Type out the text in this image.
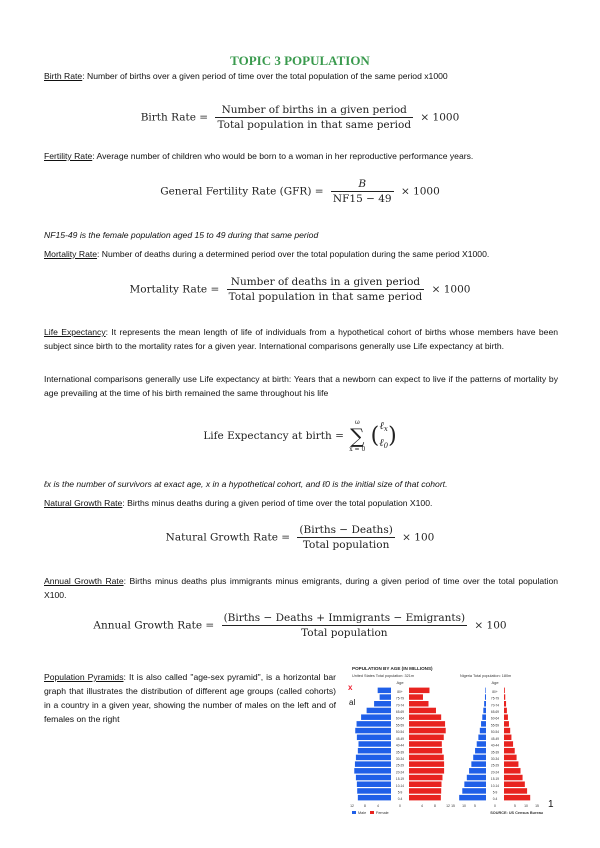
TOPIC 3 POPULATION

Birth Rate: Number of births over a given period of time over the total population of the same period x1000

Birth Rate = $\frac{\text{Number of births in a given period}}{\text{Total population in that same period}} \times 1000$

Fertility Rate: Average number of children who would be born to a woman in her reproductive performance years.

General Fertility Rate $(GFR) = \frac{B}{NF15 - 49} \times 1000$

NF15-49 is the female population aged 15 to 49 during that same period

Mortality Rate: Number of deaths during a determined period over the total population during the same period X1000.

Mortality Rate = $\frac{\text{Number of deaths in a given period}}{\text{Total population in that same period}} \times 1000$

Life Expectancy: It represents the mean length of life of individuals from a hypothetical cohort of births whose members have been subject since birth to the mortality rates for a given year. International comparisons generally use Life expectancy at birth.

International comparisons generally use Life expectancy at birth: Years that a newborn can expect to live if the patterns of mortality by age prevailing at the time of his birth remained the same throughout his life

Life Expectancy at birth =
ω
∑
x = 0
( ℓ$_x$
ℓ$_0$ )

ℓx is the number of survivors at exact age, x in a hypothetical cohort, and ℓ0 is the initial size of that cohort.

Natural Growth Rate: Births minus deaths during a given period of time over the total population X100.

Natural Growth Rate = $\frac{\text{(Births − Deaths)}}{\text{Total population}} \times 100$

Annual Growth Rate: Births minus deaths plus immigrants minus emigrants, during a given period of time over the total population X100.

Annual Growth Rate = $\frac{\text{(Births − Deaths + Immigrants − Emigrants)}}{\text{Total population}} \times 100$

Population Pyramids: It is also called "age-sex pyramid", is a horizontal bar graph that illustrates the distribution of different age groups (called cohorts) in a country in a given year, showing the number of males on the left and of females on the right

x
al
POPULATION BY AGE (IN MILLIONS)
United States Total population: 321m	Nigeria Total population: 180m
Age	Age
0-4
5-9
10-14
15-19
20-24
25-29
30-34
35-39
40-44
45-49
50-54
55-59
60-64
65-69
70-74
75-79
80+
12	8	4	0	4	8	12
0-4
5-9
10-14
15-19
20-24
25-29
30-34
35-39
40-44
45-49
50-54
55-59
60-64
65-69
70-74
75-79
80+
15 10 5	0	5 10 15
Male	Female	SOURCE: US Census Bureau
1
